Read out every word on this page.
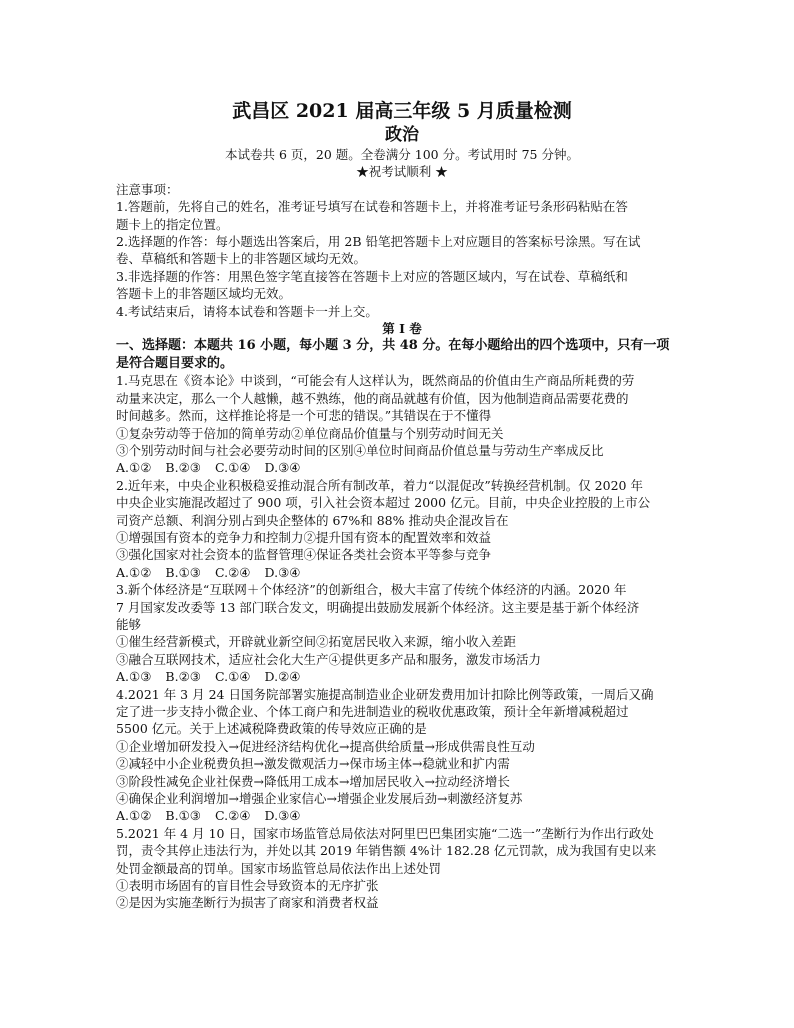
武昌区 2021 届高三年级 5 月质量检测
政治
本试卷共 6 页，20 题。全卷满分 100 分。考试用时 75 分钟。
★祝考试顺利 ★
注意事项：
1.答题前，先将自己的姓名，准考证号填写在试卷和答题卡上，并将准考证号条形码粘贴在答
题卡上的指定位置。
2.选择题的作答：每小题选出答案后，用 2B 铅笔把答题卡上对应题目的答案标号涂黑。写在试
卷、草稿纸和答题卡上的非答题区域均无效。
3.非选择题的作答：用黑色签字笔直接答在答题卡上对应的答题区域内，写在试卷、草稿纸和
答题卡上的非答题区域均无效。
4.考试结束后，请将本试卷和答题卡一并上交。
第 I 卷
一、选择题：本题共 16 小题，每小题 3 分，共 48 分。在每小题给出的四个选项中，只有一项
是符合题目要求的。
1.马克思在《资本论》中谈到，“可能会有人这样认为，既然商品的价值由生产商品所耗费的劳
动量来决定，那么一个人越懒，越不熟练，他的商品就越有价值，因为他制造商品需要花费的
时间越多。然而，这样推论将是一个可悲的错误。”其错误在于不懂得
①复杂劳动等于倍加的简单劳动②单位商品价值量与个别劳动时间无关
③个别劳动时间与社会必要劳动时间的区别④单位时间商品价值总量与劳动生产率成反比
A.①② B.②③ C.①④ D.③④
2.近年来，中央企业积极稳妥推动混合所有制改革，着力“以混促改”转换经营机制。仅 2020 年
中央企业实施混改超过了 900 项，引入社会资本超过 2000 亿元。目前，中央企业控股的上市公
司资产总额、利润分别占到央企整体的 67%和 88% 推动央企混改旨在
①增强国有资本的竞争力和控制力②提升国有资本的配置效率和效益
③强化国家对社会资本的监督管理④保证各类社会资本平等参与竞争
A.①② B.①③ C.②④ D.③④
3.新个体经济是“互联网＋个体经济”的创新组合，极大丰富了传统个体经济的内涵。2020 年
7 月国家发改委等 13 部门联合发文，明确提出鼓励发展新个体经济。这主要是基于新个体经济
能够
①催生经营新模式，开辟就业新空间②拓宽居民收入来源，缩小收入差距
③融合互联网技术，适应社会化大生产④提供更多产品和服务，激发市场活力
A.①③ B.②③ C.①④ D.②④
4.2021 年 3 月 24 日国务院部署实施提高制造业企业研发费用加计扣除比例等政策，一周后又确
定了进一步支持小微企业、个体工商户和先进制造业的税收优惠政策，预计全年新增减税超过
5500 亿元。关于上述减税降费政策的传导效应正确的是
①企业增加研发投入→促进经济结构优化→提高供给质量→形成供需良性互动
②减轻中小企业税费负担→激发微观活力→保市场主体→稳就业和扩内需
③阶段性减免企业社保费→降低用工成本→增加居民收入→拉动经济增长
④确保企业利润增加→增强企业家信心→增强企业发展后劲→刺激经济复苏
A.①② B.①③ C.②④ D.③④
5.2021 年 4 月 10 日，国家市场监管总局依法对阿里巴巴集团实施“二选一”垄断行为作出行政处
罚，责令其停止违法行为，并处以其 2019 年销售额 4%计 182.28 亿元罚款，成为我国有史以来
处罚金额最高的罚单。国家市场监管总局依法作出上述处罚
①表明市场固有的盲目性会导致资本的无序扩张
②是因为实施垄断行为损害了商家和消费者权益
